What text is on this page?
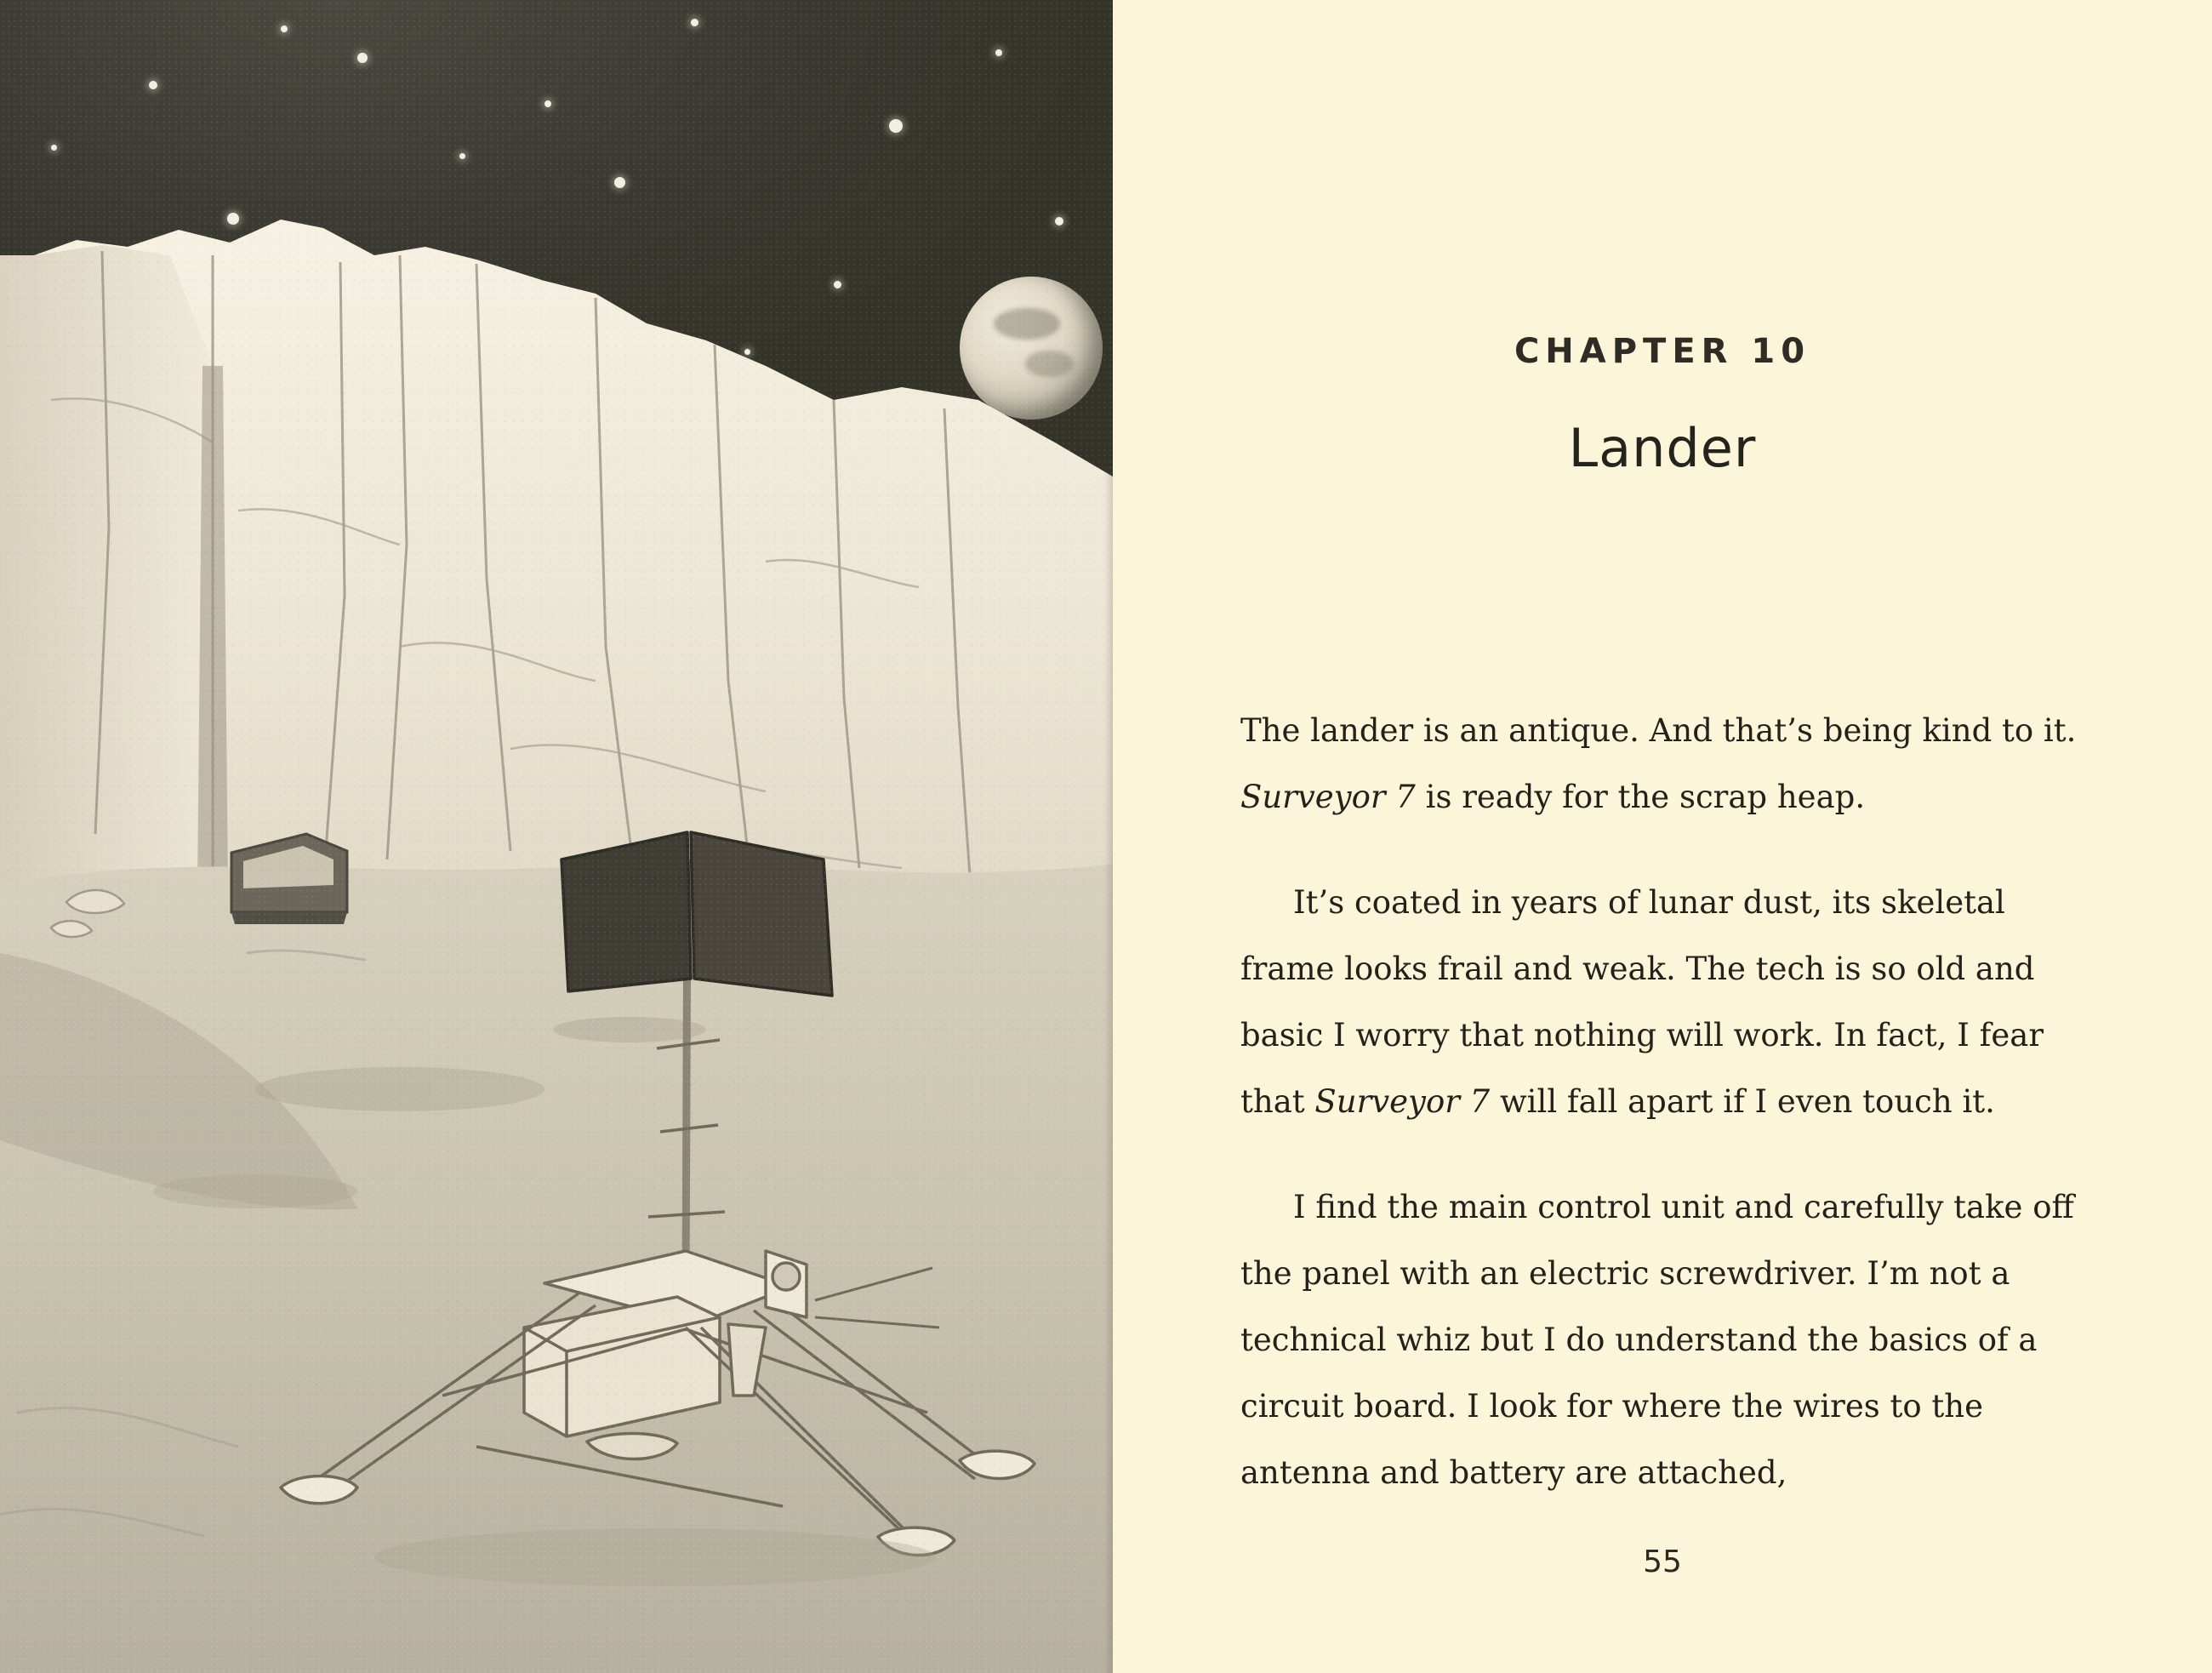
CHAPTER 10
Lander

The lander is an antique. And that’s being kind to it. Surveyor 7 is ready for the scrap heap.

It’s coated in years of lunar dust, its skeletal frame looks frail and weak. The tech is so old and basic I worry that nothing will work. In fact, I fear that Surveyor 7 will fall apart if I even touch it.

I find the main control unit and carefully take off the panel with an electric screwdriver. I’m not a technical whiz but I do understand the basics of a circuit board. I look for where the wires to the antenna and battery are attached,

55
